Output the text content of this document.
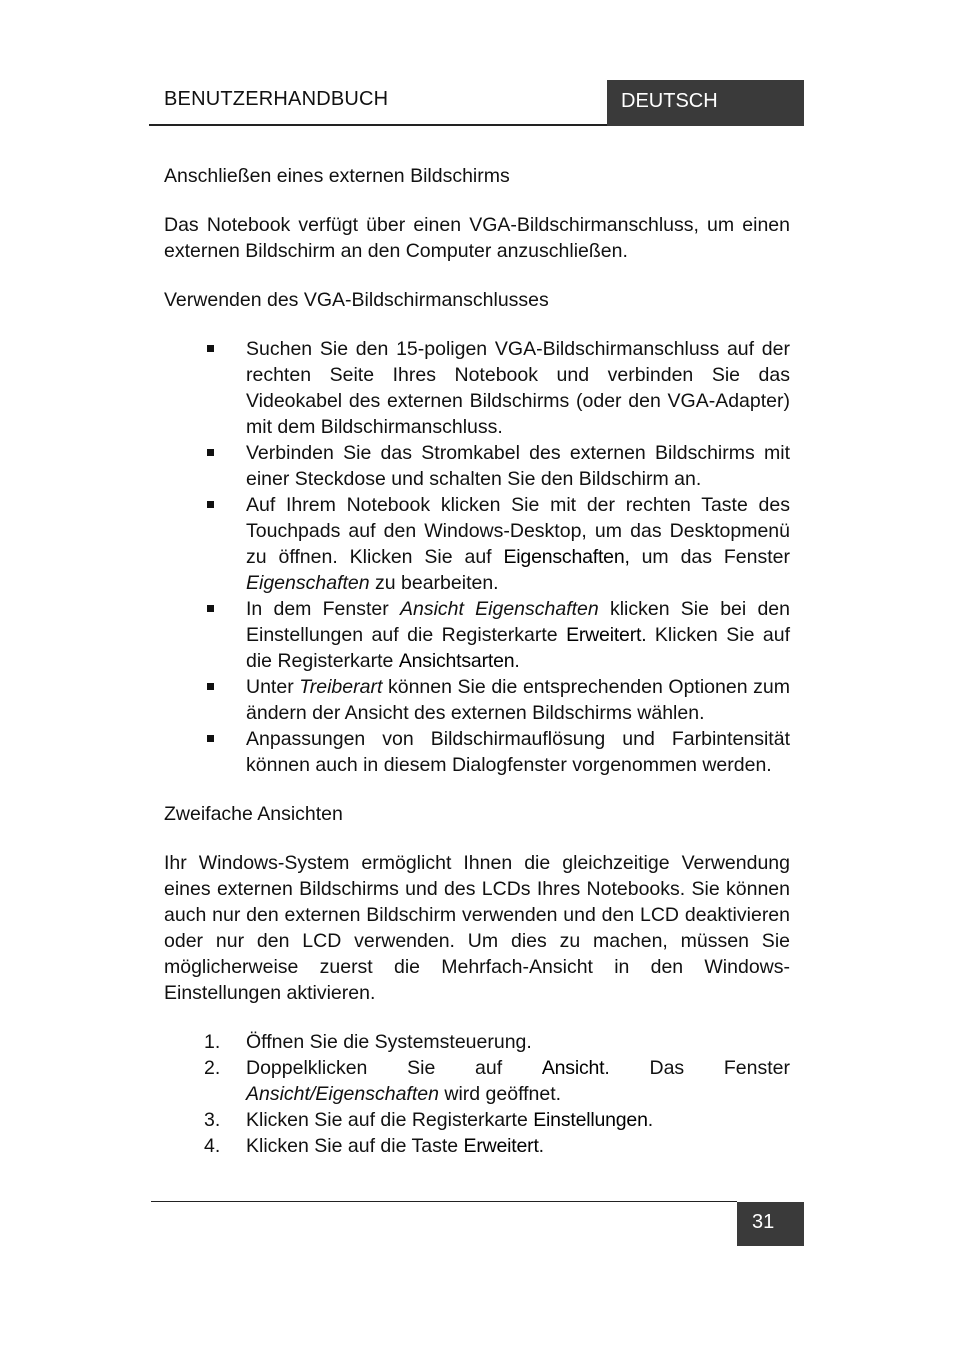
BENUTZERHANDBUCH	DEUTSCH
Anschließen eines externen Bildschirms

Das Notebook verfügt über einen VGA-Bildschirmanschluss, um einen externen Bildschirm an den Computer anzuschließen.

Verwenden des VGA-Bildschirmanschlusses
Suchen Sie den 15-poligen VGA-Bildschirmanschluss auf der rechten Seite Ihres Notebook und verbinden Sie das Videokabel des externen Bildschirms (oder den VGA-Adapter) mit dem Bildschirmanschluss.
Verbinden Sie das Stromkabel des externen Bildschirms mit einer Steckdose und schalten Sie den Bildschirm an.
Auf Ihrem Notebook klicken Sie mit der rechten Taste des Touchpads auf den Windows-Desktop, um das Desktopmenü zu öffnen. Klicken Sie auf Eigenschaften, um das Fenster Eigenschaften zu bearbeiten.
In dem Fenster Ansicht Eigenschaften klicken Sie bei den Einstellungen auf die Registerkarte Erweitert. Klicken Sie auf die Registerkarte Ansichtsarten.
Unter Treiberart können Sie die entsprechenden Optionen zum ändern der Ansicht des externen Bildschirms wählen.
Anpassungen von Bildschirmauflösung und Farbintensität können auch in diesem Dialogfenster vorgenommen werden.
Zweifache Ansichten

Ihr Windows-System ermöglicht Ihnen die gleichzeitige Verwendung eines externen Bildschirms und des LCDs Ihres Notebooks. Sie können auch nur den externen Bildschirm verwenden und den LCD deaktivieren oder nur den LCD verwenden. Um dies zu machen, müssen Sie möglicherweise zuerst die Mehrfach-Ansicht in den Windows-Einstellungen aktivieren.

1. Öffnen Sie die Systemsteuerung.
2. Doppelklicken Sie auf Ansicht. Das Fenster Ansicht/Eigenschaften wird geöffnet.
3. Klicken Sie auf die Registerkarte Einstellungen.
4. Klicken Sie auf die Taste Erweitert.
31
